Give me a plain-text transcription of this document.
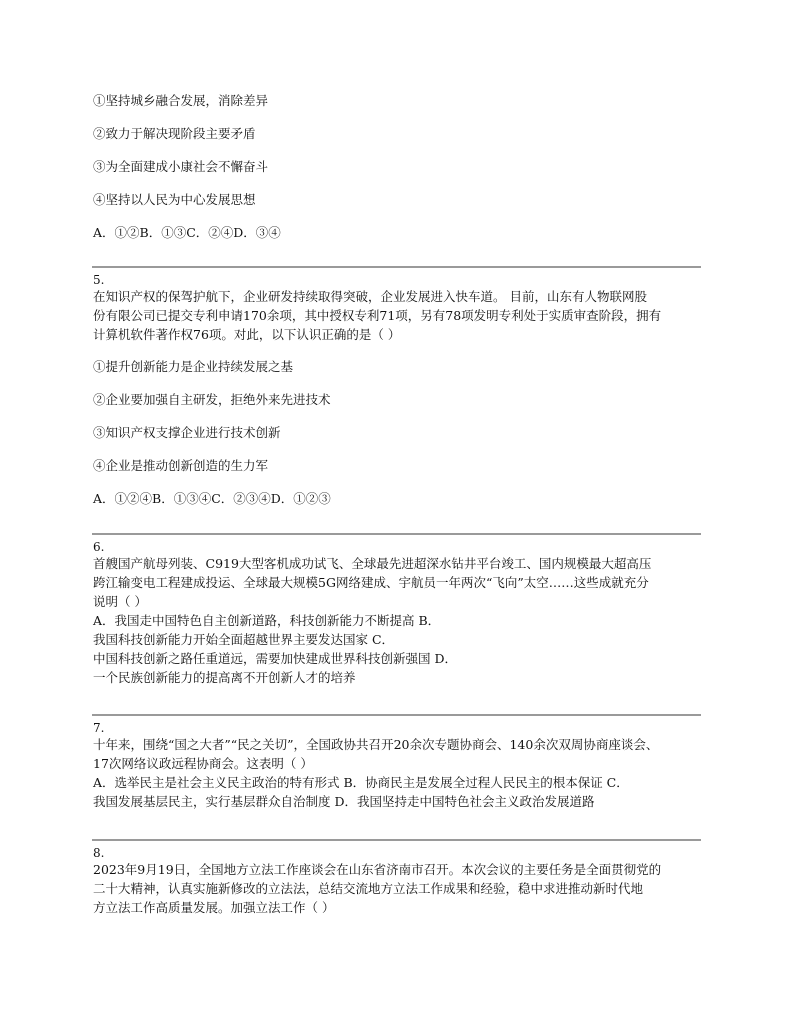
①坚持城乡融合发展，消除差异
②致力于解决现阶段主要矛盾
③为全面建成小康社会不懈奋斗
④坚持以人民为中心发展思想
A．①②B．①③C．②④D．③④
5.
在知识产权的保驾护航下，企业研发持续取得突破，企业发展进入快车道。 目前，山东有人物联网股
份有限公司已提交专利申请170余项，其中授权专利71项，另有78项发明专利处于实质审查阶段，拥有
计算机软件著作权76项。对此，以下认识正确的是（ ）
①提升创新能力是企业持续发展之基
②企业要加强自主研发，拒绝外来先进技术
③知识产权支撑企业进行技术创新
④企业是推动创新创造的生力军
A．①②④B．①③④C．②③④D．①②③
6.
首艘国产航母列装、C919大型客机成功试飞、全球最先进超深水钻井平台竣工、国内规模最大超高压
跨江输变电工程建成投运、全球最大规模5G网络建成、宇航员一年两次“飞向”太空……这些成就充分
说明（ ）
A．我国走中国特色自主创新道路，科技创新能力不断提高 B．
我国科技创新能力开始全面超越世界主要发达国家 C．
中国科技创新之路任重道远，需要加快建成世界科技创新强国 D．
一个民族创新能力的提高离不开创新人才的培养
7.
十年来，围绕“国之大者”“民之关切”，全国政协共召开20余次专题协商会、140余次双周协商座谈会、
17次网络议政远程协商会。这表明（ ）
A．选举民主是社会主义民主政治的特有形式 B．协商民主是发展全过程人民民主的根本保证 C．
我国发展基层民主，实行基层群众自治制度 D．我国坚持走中国特色社会主义政治发展道路
8.
2023年9月19日，全国地方立法工作座谈会在山东省济南市召开。本次会议的主要任务是全面贯彻党的
二十大精神，认真实施新修改的立法法，总结交流地方立法工作成果和经验，稳中求进推动新时代地
方立法工作高质量发展。加强立法工作（ ）
